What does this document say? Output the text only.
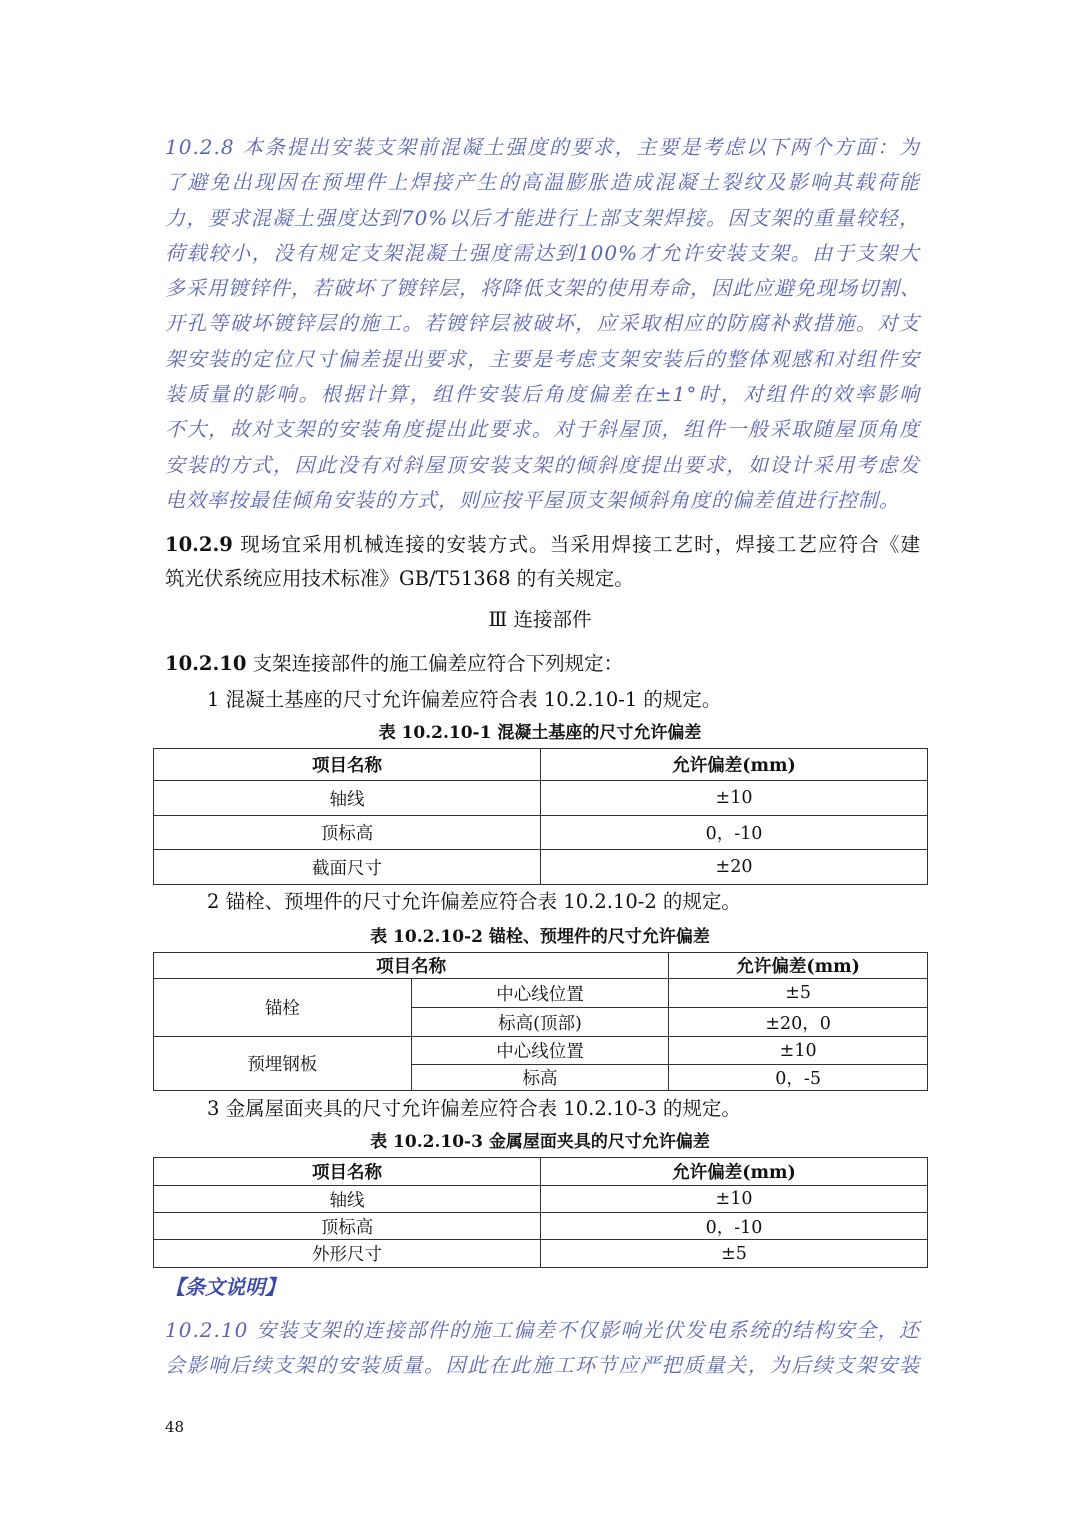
10.2.8 本条提出安装支架前混凝土强度的要求，主要是考虑以下两个方面：为
了避免出现因在预埋件上焊接产生的高温膨胀造成混凝土裂纹及影响其载荷能
力，要求混凝土强度达到70%以后才能进行上部支架焊接。因支架的重量较轻，
荷载较小，没有规定支架混凝土强度需达到100%才允许安装支架。由于支架大
多采用镀锌件，若破坏了镀锌层，将降低支架的使用寿命，因此应避免现场切割、
开孔等破坏镀锌层的施工。若镀锌层被破坏，应采取相应的防腐补救措施。对支
架安装的定位尺寸偏差提出要求，主要是考虑支架安装后的整体观感和对组件安
装质量的影响。根据计算，组件安装后角度偏差在±1°时，对组件的效率影响
不大，故对支架的安装角度提出此要求。对于斜屋顶，组件一般采取随屋顶角度
安装的方式，因此没有对斜屋顶安装支架的倾斜度提出要求，如设计采用考虑发
电效率按最佳倾角安装的方式，则应按平屋顶支架倾斜角度的偏差值进行控制。
10.2.9 现场宜采用机械连接的安装方式。当采用焊接工艺时，焊接工艺应符合《建
筑光伏系统应用技术标准》GB/T51368 的有关规定。
Ⅲ 连接部件
10.2.10 支架连接部件的施工偏差应符合下列规定：
1 混凝土基座的尺寸允许偏差应符合表 10.2.10-1 的规定。
表 10.2.10-1 混凝土基座的尺寸允许偏差
项目名称	允许偏差(mm)
轴线	±10
顶标高	0，-10
截面尺寸	±20
2 锚栓、预埋件的尺寸允许偏差应符合表 10.2.10-2 的规定。
表 10.2.10-2 锚栓、预埋件的尺寸允许偏差
项目名称		允许偏差(mm)
锚栓	中心线位置	±5
	标高(顶部)	±20，0
预埋钢板	中心线位置	±10
	标高	0，-5
3 金属屋面夹具的尺寸允许偏差应符合表 10.2.10-3 的规定。
表 10.2.10-3 金属屋面夹具的尺寸允许偏差
项目名称	允许偏差(mm)
轴线	±10
顶标高	0，-10
外形尺寸	±5
【条文说明】
10.2.10 安装支架的连接部件的施工偏差不仅影响光伏发电系统的结构安全，还
会影响后续支架的安装质量。因此在此施工环节应严把质量关，为后续支架安装
48
